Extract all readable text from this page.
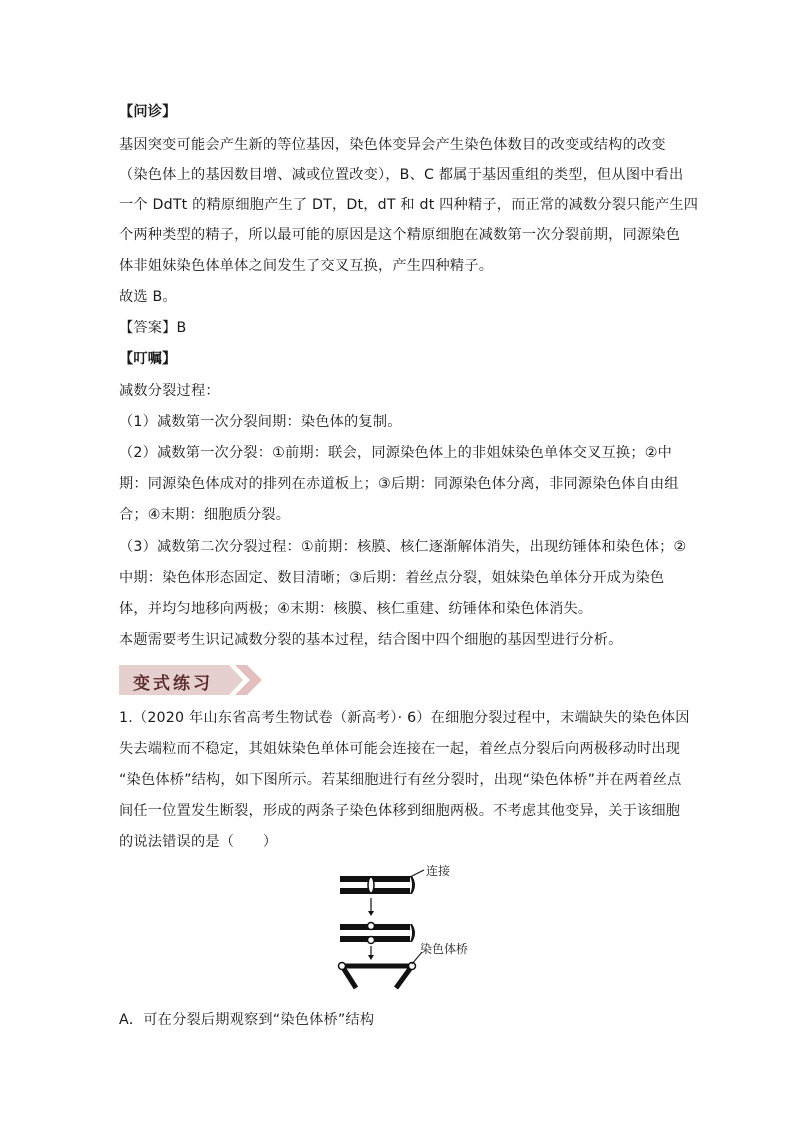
【问诊】
基因突变可能会产生新的等位基因，染色体变异会产生染色体数目的改变或结构的改变
（染色体上的基因数目增、减或位置改变），B、C 都属于基因重组的类型，但从图中看出
一个 DdTt 的精原细胞产生了 DT，Dt，dT 和 dt 四种精子，而正常的减数分裂只能产生四
个两种类型的精子，所以最可能的原因是这个精原细胞在减数第一次分裂前期，同源染色
体非姐妹染色体单体之间发生了交叉互换，产生四种精子。
故选 B。
【答案】B
【叮嘱】
减数分裂过程：
（1）减数第一次分裂间期：染色体的复制。
（2）减数第一次分裂：①前期：联会，同源染色体上的非姐妹染色单体交叉互换；②中
期：同源染色体成对的排列在赤道板上；③后期：同源染色体分离，非同源染色体自由组
合；④末期：细胞质分裂。
（3）减数第二次分裂过程：①前期：核膜、核仁逐渐解体消失，出现纺锤体和染色体；②
中期：染色体形态固定、数目清晰；③后期：着丝点分裂，姐妹染色单体分开成为染色
体，并均匀地移向两极；④末期：核膜、核仁重建、纺锤体和染色体消失。
本题需要考生识记减数分裂的基本过程，结合图中四个细胞的基因型进行分析。
变式练习
1.（2020 年山东省高考生物试卷（新高考）· 6）在细胞分裂过程中，末端缺失的染色体因
失去端粒而不稳定，其姐妹染色单体可能会连接在一起，着丝点分裂后向两极移动时出现
“染色体桥”结构，如下图所示。若某细胞进行有丝分裂时，出现“染色体桥”并在两着丝点
间任一位置发生断裂，形成的两条子染色体移到细胞两极。不考虑其他变异，关于该细胞
的说法错误的是（　　）
连接
染色体桥
A．可在分裂后期观察到“染色体桥”结构
